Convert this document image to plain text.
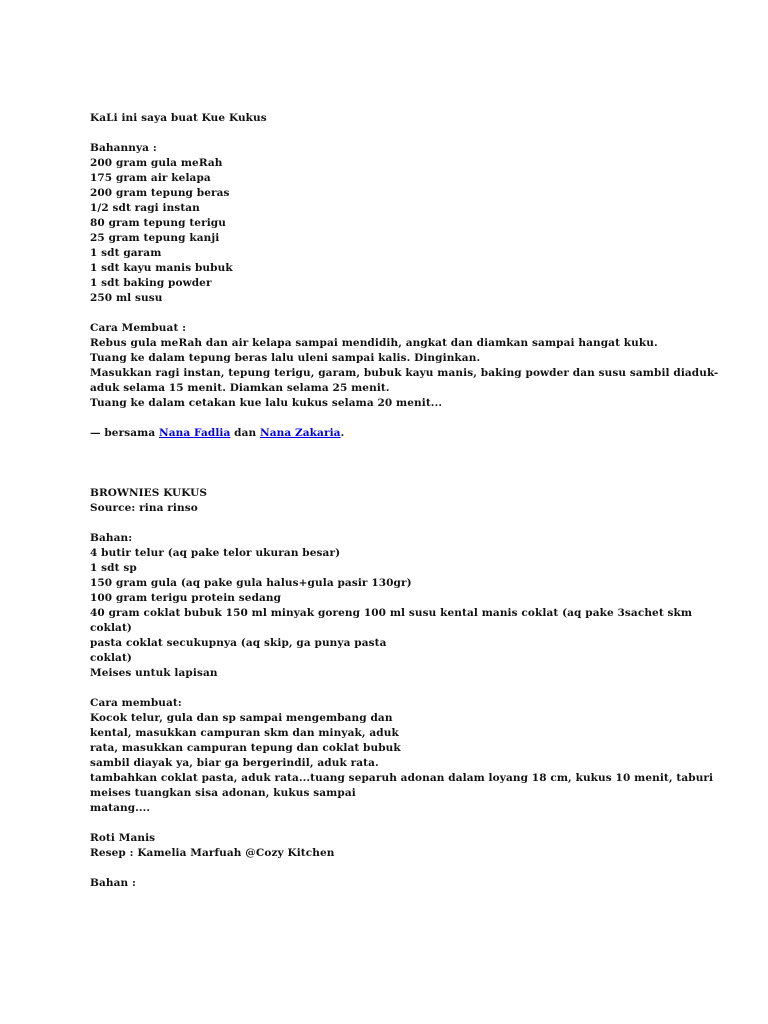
KaLi ini saya buat Kue Kukus
Bahannya :
200 gram gula meRah
175 gram air kelapa
200 gram tepung beras
1/2 sdt ragi instan
80 gram tepung terigu
25 gram tepung kanji
1 sdt garam
1 sdt kayu manis bubuk
1 sdt baking powder
250 ml susu
Cara Membuat :
Rebus gula meRah dan air kelapa sampai mendidih, angkat dan diamkan sampai hangat kuku.
Tuang ke dalam tepung beras lalu uleni sampai kalis. Dinginkan.
Masukkan ragi instan, tepung terigu, garam, bubuk kayu manis, baking powder dan susu sambil diaduk-
aduk selama 15 menit. Diamkan selama 25 menit.
Tuang ke dalam cetakan kue lalu kukus selama 20 menit...
— bersama Nana Fadlia dan Nana Zakaria.
BROWNIES KUKUS
Source: rina rinso
Bahan:
4 butir telur (aq pake telor ukuran besar)
1 sdt sp
150 gram gula (aq pake gula halus+gula pasir 130gr)
100 gram terigu protein sedang
40 gram coklat bubuk 150 ml minyak goreng 100 ml susu kental manis coklat (aq pake 3sachet skm
coklat)
pasta coklat secukupnya (aq skip, ga punya pasta
coklat)
Meises untuk lapisan
Cara membuat:
Kocok telur, gula dan sp sampai mengembang dan
kental, masukkan campuran skm dan minyak, aduk
rata, masukkan campuran tepung dan coklat bubuk
sambil diayak ya, biar ga bergerindil, aduk rata.
tambahkan coklat pasta, aduk rata...tuang separuh adonan dalam loyang 18 cm, kukus 10 menit, taburi
meises tuangkan sisa adonan, kukus sampai
matang....
Roti Manis
Resep : Kamelia Marfuah @Cozy Kitchen
Bahan :
